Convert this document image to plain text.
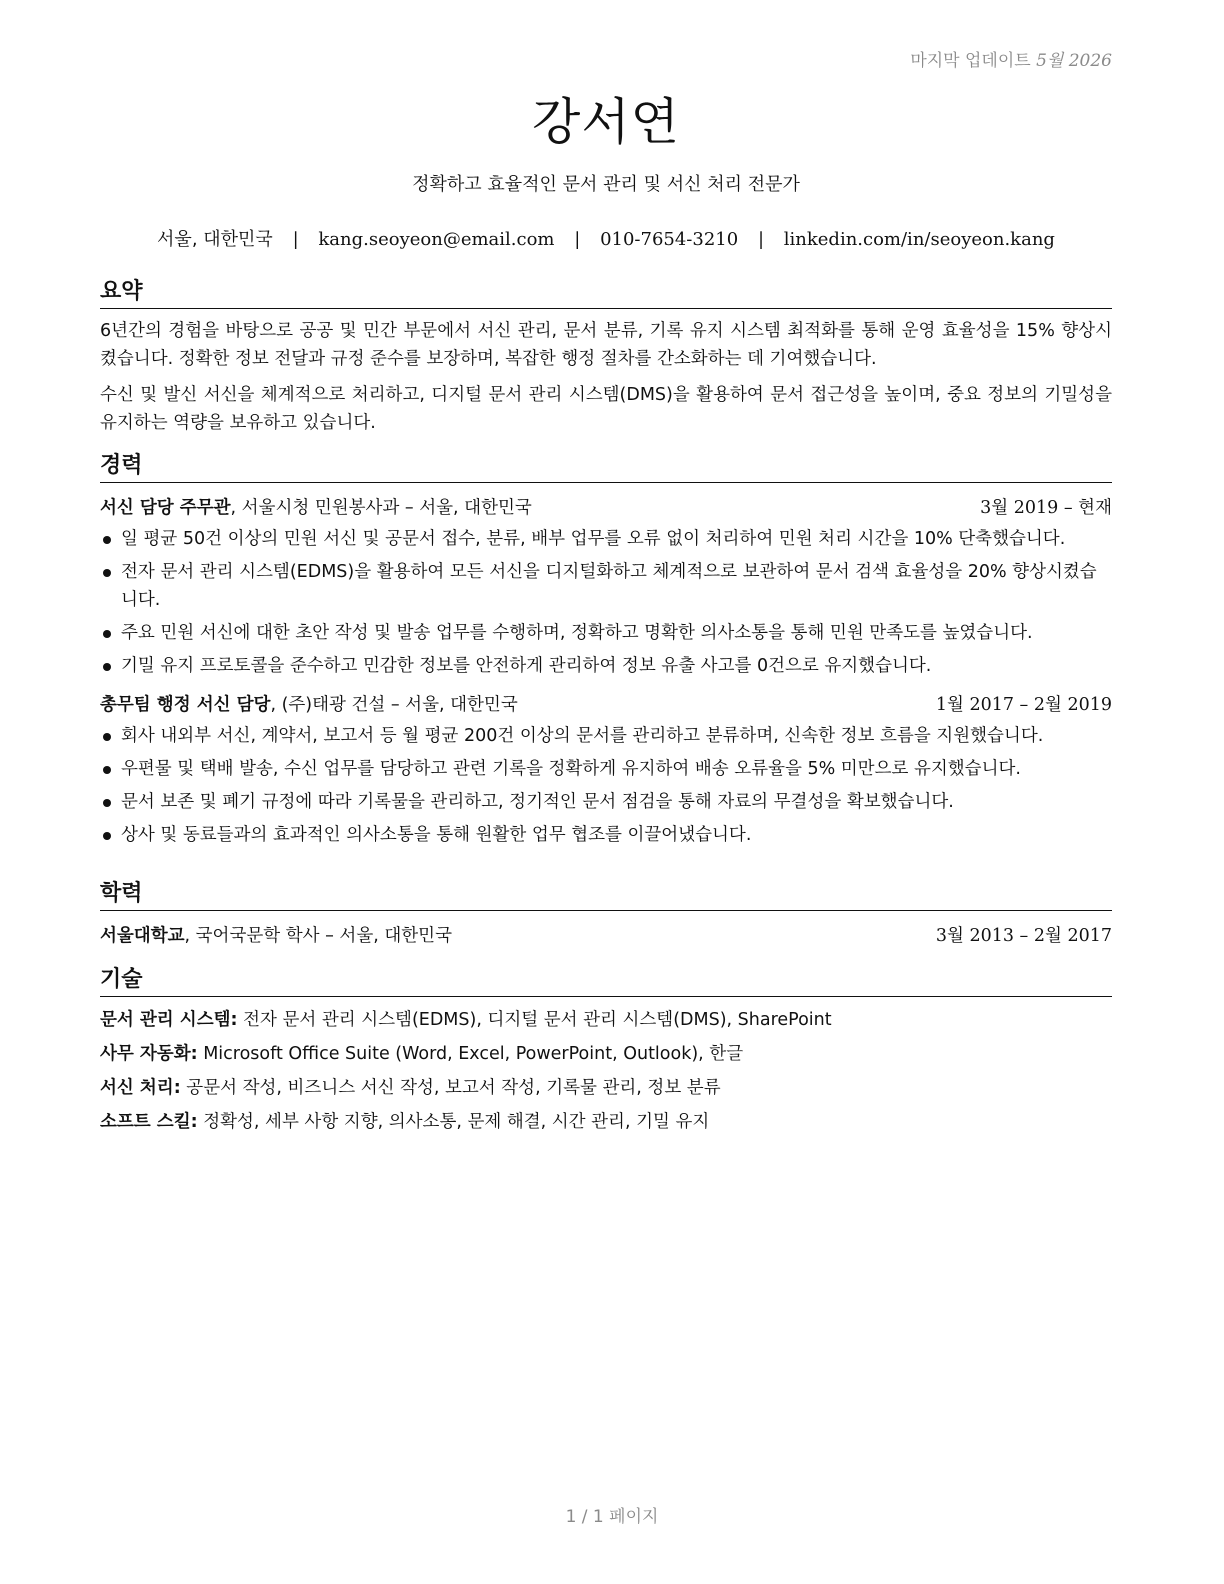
마지막 업데이트 5월 2026
강서연
정확하고 효율적인 문서 관리 및 서신 처리 전문가
서울, 대한민국 | kang.seoyeon@email.com | 010-7654-3210 | linkedin.com/in/seoyeon.kang
요약

6년간의 경험을 바탕으로 공공 및 민간 부문에서 서신 관리, 문서 분류, 기록 유지 시스템 최적화를 통해 운영 효율성을 15% 향상시켰습니다. 정확한 정보 전달과 규정 준수를 보장하며, 복잡한 행정 절차를 간소화하는 데 기여했습니다.

수신 및 발신 서신을 체계적으로 처리하고, 디지털 문서 관리 시스템(DMS)을 활용하여 문서 접근성을 높이며, 중요 정보의 기밀성을 유지하는 역량을 보유하고 있습니다.

경력
서신 담당 주무관, 서울시청 민원봉사과 – 서울, 대한민국	3월 2019 – 현재
일 평균 50건 이상의 민원 서신 및 공문서 접수, 분류, 배부 업무를 오류 없이 처리하여 민원 처리 시간을 10% 단축했습니다.
전자 문서 관리 시스템(EDMS)을 활용하여 모든 서신을 디지털화하고 체계적으로 보관하여 문서 검색 효율성을 20% 향상시켰습니다.
주요 민원 서신에 대한 초안 작성 및 발송 업무를 수행하며, 정확하고 명확한 의사소통을 통해 민원 만족도를 높였습니다.
기밀 유지 프로토콜을 준수하고 민감한 정보를 안전하게 관리하여 정보 유출 사고를 0건으로 유지했습니다.
총무팀 행정 서신 담당, (주)태광 건설 – 서울, 대한민국	1월 2017 – 2월 2019
회사 내외부 서신, 계약서, 보고서 등 월 평균 200건 이상의 문서를 관리하고 분류하며, 신속한 정보 흐름을 지원했습니다.
우편물 및 택배 발송, 수신 업무를 담당하고 관련 기록을 정확하게 유지하여 배송 오류율을 5% 미만으로 유지했습니다.
문서 보존 및 폐기 규정에 따라 기록물을 관리하고, 정기적인 문서 점검을 통해 자료의 무결성을 확보했습니다.
상사 및 동료들과의 효과적인 의사소통을 통해 원활한 업무 협조를 이끌어냈습니다.
학력
서울대학교, 국어국문학 학사 – 서울, 대한민국	3월 2013 – 2월 2017
기술
문서 관리 시스템: 전자 문서 관리 시스템(EDMS), 디지털 문서 관리 시스템(DMS), SharePoint
사무 자동화: Microsoft Office Suite (Word, Excel, PowerPoint, Outlook), 한글
서신 처리: 공문서 작성, 비즈니스 서신 작성, 보고서 작성, 기록물 관리, 정보 분류
소프트 스킬: 정확성, 세부 사항 지향, 의사소통, 문제 해결, 시간 관리, 기밀 유지
1 / 1 페이지
